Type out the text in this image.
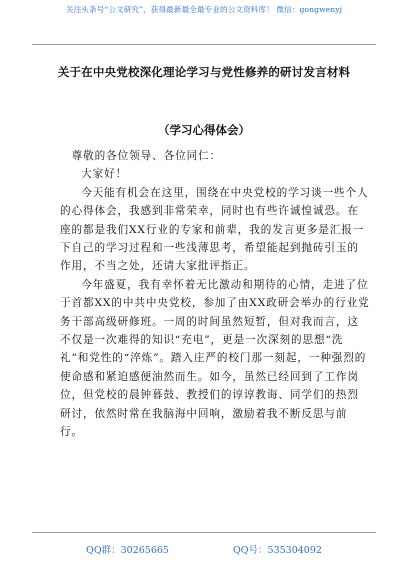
关注头条号“公文研究”，获得最新最全最专业的公文资料库！ 微信：gongwenyj
关于在中央党校深化理论学习与党性修养的研讨发言材料
（学习心得体会）

尊敬的各位领导、各位同仁：

大家好！

今天能有机会在这里，围绕在中央党校的学习谈一些个人的心得体会，我感到非常荣幸，同时也有些许诚惶诚恐。在座的都是我们XX行业的专家和前辈，我的发言更多是汇报一下自己的学习过程和一些浅薄思考，希望能起到抛砖引玉的作用，不当之处，还请大家批评指正。

今年盛夏，我有幸怀着无比激动和期待的心情，走进了位于首都XX的中共中央党校，参加了由XX政研会举办的行业党务干部高级研修班。一周的时间虽然短暂，但对我而言，这不仅是一次难得的知识“充电”，更是一次深刻的思想“洗礼”和党性的“淬炼”。踏入庄严的校门那一刻起，一种强烈的使命感和紧迫感便油然而生。如今，虽然已经回到了工作岗位，但党校的晨钟暮鼓、教授们的谆谆教诲、同学们的热烈研讨，依然时常在我脑海中回响，激励着我不断反思与前行。

QQ群：30265665	QQ号：535304092
